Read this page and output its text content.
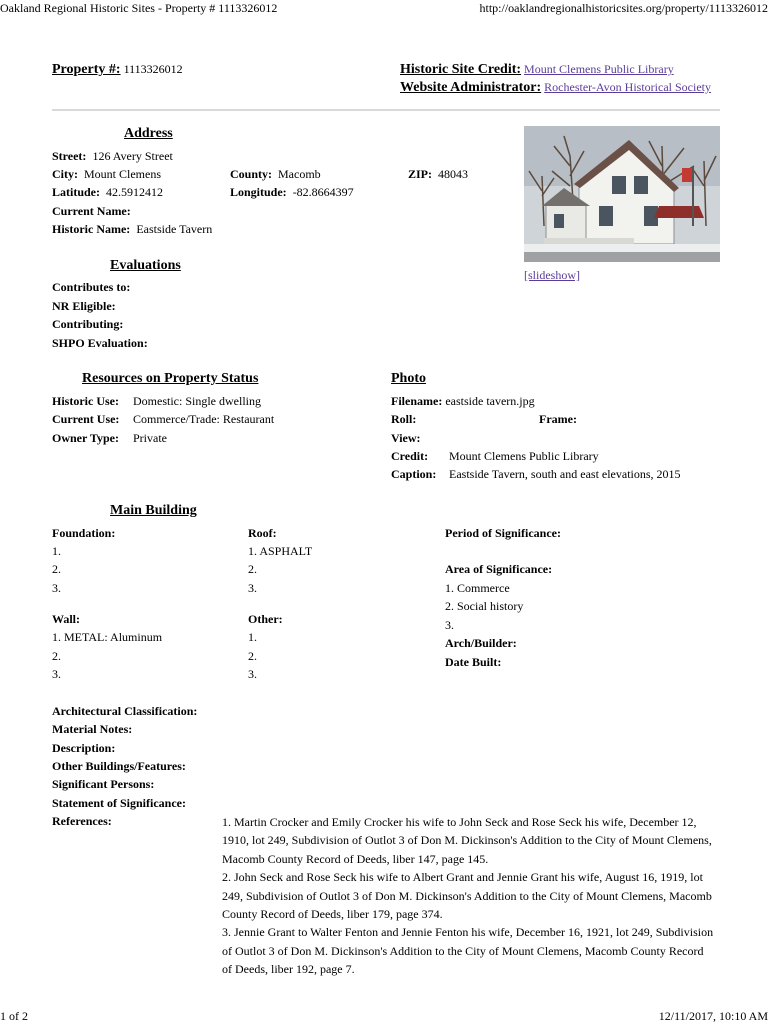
Oakland Regional Historic Sites - Property # 1113326012	http://oaklandregionalhistoricsites.org/property/1113326012
Property #: 1113326012	Historic Site Credit: Mount Clemens Public Library
Website Administrator: Rochester-Avon Historical Society
Address
Street: 126 Avery Street
City: Mount Clemens	County: Macomb	ZIP: 48043
Latitude: 42.5912412	Longitude: -82.8664397
Current Name:
Historic Name: Eastside Tavern
[slideshow]
Evaluations
Contributes to:
NR Eligible:
Contributing:
SHPO Evaluation:
Resources on Property Status
Historic Use: Domestic: Single dwelling
Current Use: Commerce/Trade: Restaurant
Owner Type: Private
Photo
Filename: eastside tavern.jpg
Roll:	Frame:
View:
Credit: Mount Clemens Public Library
Caption: Eastside Tavern, south and east elevations, 2015
Main Building
Foundation:
1.
2.
3.
Roof:
1. ASPHALT
2.
3.
Wall:
1. METAL: Aluminum
2.
3.
Other:
1.
2.
3.
Period of Significance:
Area of Significance:
1. Commerce
2. Social history
3.
Arch/Builder:
Date Built:
Architectural Classification:
Material Notes:
Description:
Other Buildings/Features:
Significant Persons:
Statement of Significance:
References:	1. Martin Crocker and Emily Crocker his wife to John Seck and Rose Seck his wife, December 12, 1910, lot 249, Subdivision of Outlot 3 of Don M. Dickinson's Addition to the City of Mount Clemens, Macomb County Record of Deeds, liber 147, page 145.

2. John Seck and Rose Seck his wife to Albert Grant and Jennie Grant his wife, August 16, 1919, lot 249, Subdivision of Outlot 3 of Don M. Dickinson's Addition to the City of Mount Clemens, Macomb County Record of Deeds, liber 179, page 374.

3. Jennie Grant to Walter Fenton and Jennie Fenton his wife, December 16, 1921, lot 249, Subdivision of Outlot 3 of Don M. Dickinson's Addition to the City of Mount Clemens, Macomb County Record of Deeds, liber 192, page 7.

1 of 2	12/11/2017, 10:10 AM
